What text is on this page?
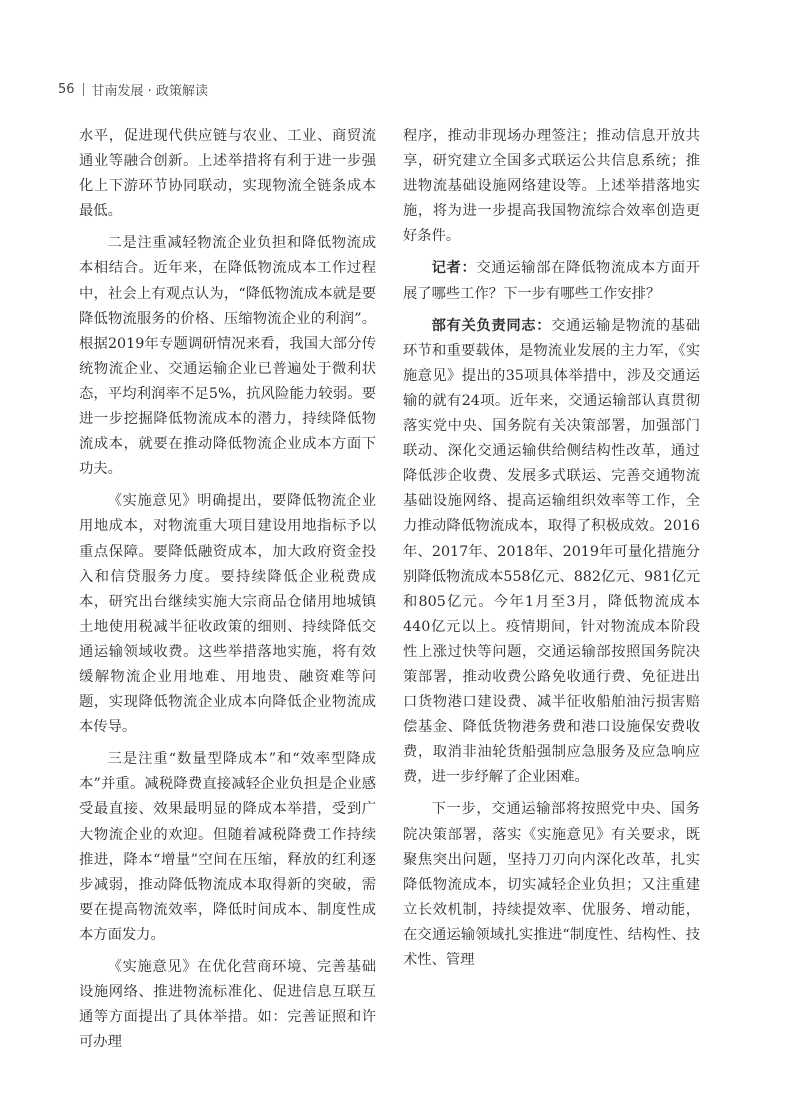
56 甘南发展 · 政策解读

水平，促进现代供应链与农业、工业、商贸流通业等融合创新。上述举措将有利于进一步强化上下游环节协同联动，实现物流全链条成本最低。

二是注重减轻物流企业负担和降低物流成本相结合。近年来，在降低物流成本工作过程中，社会上有观点认为，“降低物流成本就是要降低物流服务的价格、压缩物流企业的利润”。根据2019年专题调研情况来看，我国大部分传统物流企业、交通运输企业已普遍处于微利状态，平均利润率不足5%，抗风险能力较弱。要进一步挖掘降低物流成本的潜力，持续降低物流成本，就要在推动降低物流企业成本方面下功夫。

《实施意见》明确提出，要降低物流企业用地成本，对物流重大项目建设用地指标予以重点保障。要降低融资成本，加大政府资金投入和信贷服务力度。要持续降低企业税费成本，研究出台继续实施大宗商品仓储用地城镇土地使用税减半征收政策的细则、持续降低交通运输领域收费。这些举措落地实施，将有效缓解物流企业用地难、用地贵、融资难等问题，实现降低物流企业成本向降低企业物流成本传导。

三是注重“数量型降成本”和“效率型降成本”并重。减税降费直接减轻企业负担是企业感受最直接、效果最明显的降成本举措，受到广大物流企业的欢迎。但随着减税降费工作持续推进，降本“增量”空间在压缩，释放的红利逐步减弱，推动降低物流成本取得新的突破，需要在提高物流效率，降低时间成本、制度性成本方面发力。

《实施意见》在优化营商环境、完善基础设施网络、推进物流标准化、促进信息互联互通等方面提出了具体举措。如：完善证照和许可办理

程序，推动非现场办理签注；推动信息开放共享，研究建立全国多式联运公共信息系统；推进物流基础设施网络建设等。上述举措落地实施，将为进一步提高我国物流综合效率创造更好条件。

记者：交通运输部在降低物流成本方面开展了哪些工作？下一步有哪些工作安排？

部有关负责同志：交通运输是物流的基础环节和重要载体，是物流业发展的主力军，《实施意见》提出的35项具体举措中，涉及交通运输的就有24项。近年来，交通运输部认真贯彻落实党中央、国务院有关决策部署，加强部门联动、深化交通运输供给侧结构性改革，通过降低涉企收费、发展多式联运、完善交通物流基础设施网络、提高运输组织效率等工作，全力推动降低物流成本，取得了积极成效。2016年、2017年、2018年、2019年可量化措施分别降低物流成本558亿元、882亿元、981亿元和805亿元。今年1月至3月，降低物流成本440亿元以上。疫情期间，针对物流成本阶段性上涨过快等问题，交通运输部按照国务院决策部署，推动收费公路免收通行费、免征进出口货物港口建设费、减半征收船舶油污损害赔偿基金、降低货物港务费和港口设施保安费收费，取消非油轮货船强制应急服务及应急响应费，进一步纾解了企业困难。

下一步，交通运输部将按照党中央、国务院决策部署，落实《实施意见》有关要求，既聚焦突出问题，坚持刀刃向内深化改革，扎实降低物流成本，切实减轻企业负担；又注重建立长效机制，持续提效率、优服务、增动能，在交通运输领域扎实推进“制度性、结构性、技术性、管理
